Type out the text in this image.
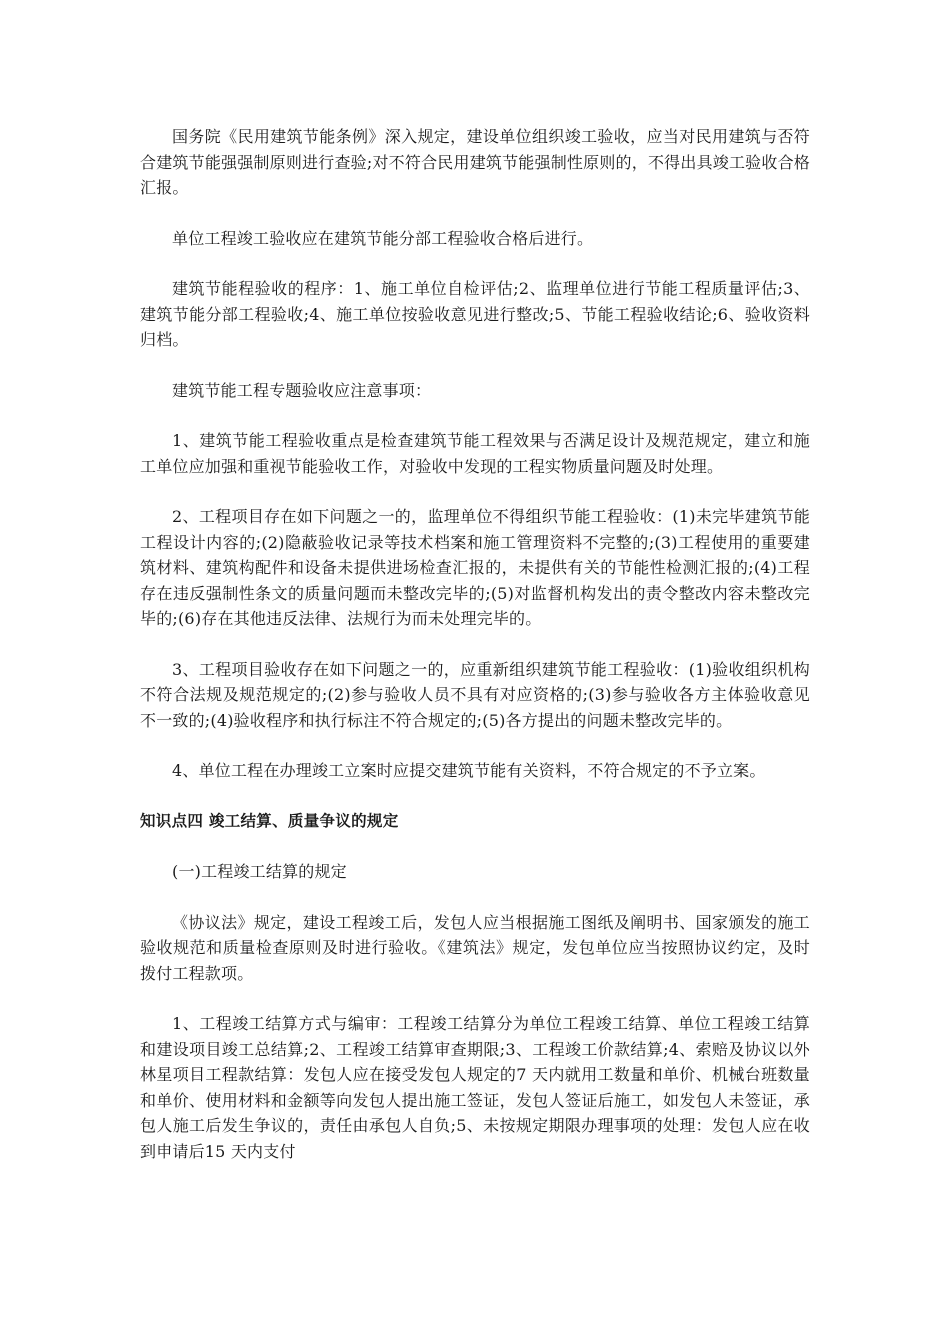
国务院《民用建筑节能条例》深入规定，建设单位组织竣工验收，应当对民用建筑与否符合建筑节能强强制原则进行查验;对不符合民用建筑节能强制性原则的，不得出具竣工验收合格汇报。

单位工程竣工验收应在建筑节能分部工程验收合格后进行。

建筑节能程验收的程序：1、施工单位自检评估;2、监理单位进行节能工程质量评估;3、建筑节能分部工程验收;4、施工单位按验收意见进行整改;5、节能工程验收结论;6、验收资料归档。

建筑节能工程专题验收应注意事项：

1、建筑节能工程验收重点是检查建筑节能工程效果与否满足设计及规范规定，建立和施工单位应加强和重视节能验收工作，对验收中发现的工程实物质量问题及时处理。

2、工程项目存在如下问题之一的，监理单位不得组织节能工程验收：(1)未完毕建筑节能工程设计内容的;(2)隐蔽验收记录等技术档案和施工管理资料不完整的;(3)工程使用的重要建筑材料、建筑构配件和设备未提供进场检查汇报的，未提供有关的节能性检测汇报的;(4)工程存在违反强制性条文的质量问题而未整改完毕的;(5)对监督机构发出的责令整改内容未整改完毕的;(6)存在其他违反法律、法规行为而未处理完毕的。

3、工程项目验收存在如下问题之一的，应重新组织建筑节能工程验收：(1)验收组织机构不符合法规及规范规定的;(2)参与验收人员不具有对应资格的;(3)参与验收各方主体验收意见不一致的;(4)验收程序和执行标注不符合规定的;(5)各方提出的问题未整改完毕的。

4、单位工程在办理竣工立案时应提交建筑节能有关资料，不符合规定的不予立案。

知识点四 竣工结算、质量争议的规定

(一)工程竣工结算的规定

《协议法》规定，建设工程竣工后，发包人应当根据施工图纸及阐明书、国家颁发的施工验收规范和质量检查原则及时进行验收。《建筑法》规定，发包单位应当按照协议约定，及时拨付工程款项。

1、工程竣工结算方式与编审：工程竣工结算分为单位工程竣工结算、单位工程竣工结算和建设项目竣工总结算;2、工程竣工结算审查期限;3、工程竣工价款结算;4、索赔及协议以外林星项目工程款结算：发包人应在接受发包人规定的7 天内就用工数量和单价、机械台班数量和单价、使用材料和金额等向发包人提出施工签证，发包人签证后施工，如发包人未签证，承包人施工后发生争议的，责任由承包人自负;5、未按规定期限办理事项的处理：发包人应在收到申请后15 天内支付
